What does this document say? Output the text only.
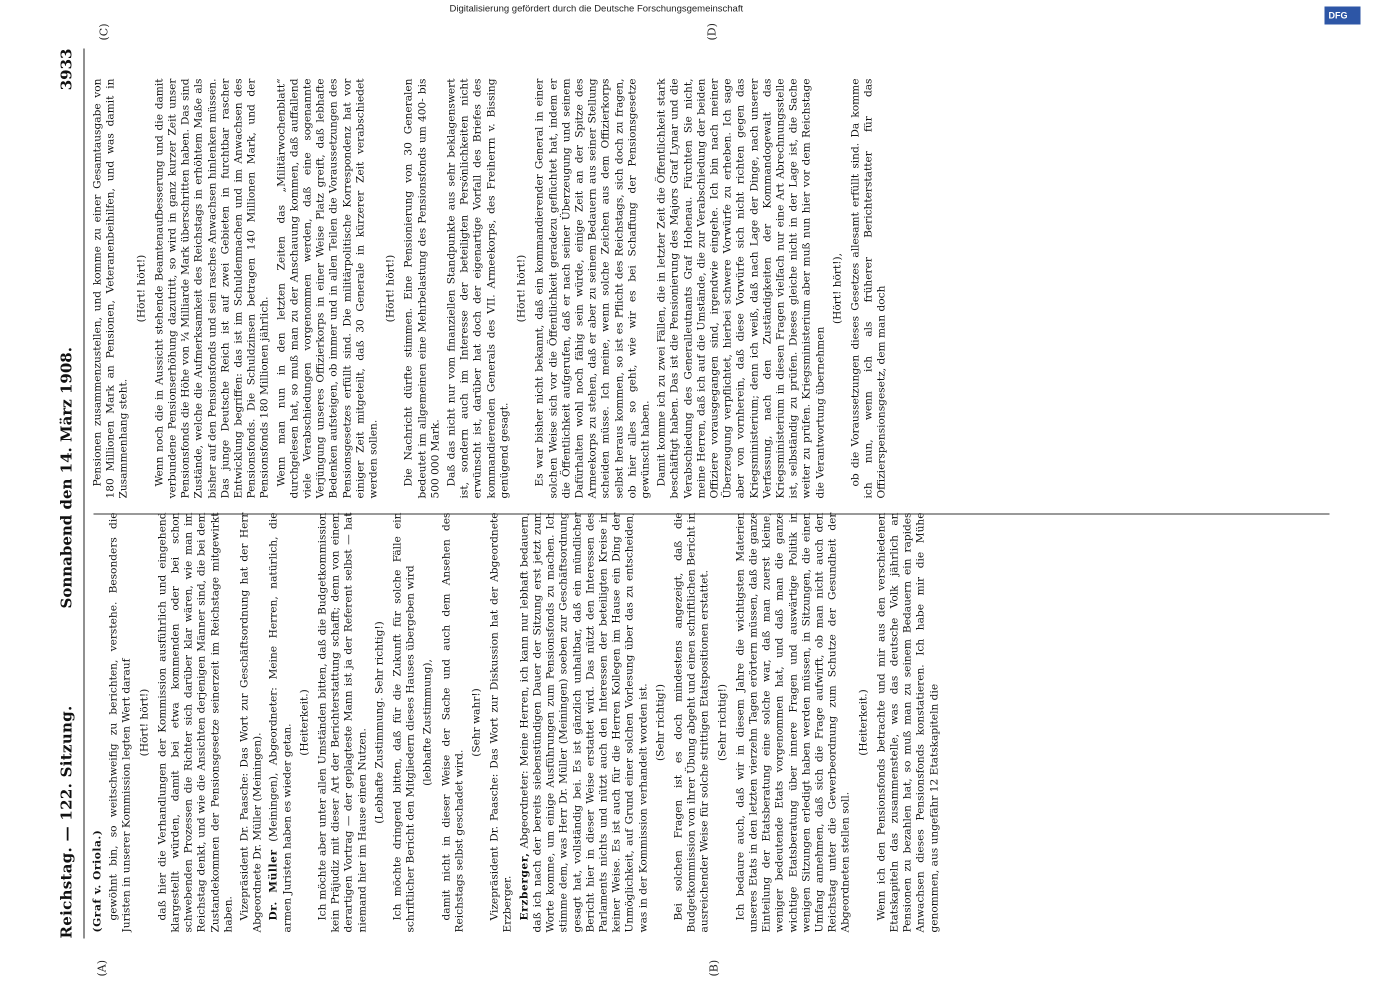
Reichstag. — 122. Sitzung.
Sonnabend den 14. März 1908.
3933
(A)	(B)
(C)	(D)

(Graf v. Oriola.) gewöhnt bin, so weitschweifig zu berichten, verstehe. Besonders die Juristen in unserer Kommission legten Wert darauf (Hört! hört!) daß hier die Verhandlungen der Kommission ausführlich und eingehend klargestellt würden, damit bei etwa kommenden oder bei schon schwebenden Prozessen die Richter sich darüber klar wären, wie man im Reichstag denkt, und wie die Ansichten derjenigen Männer sind, die bei dem Zustandekommen der Pensionsgesetze seinerzeit im Reichstage mitgewirkt haben. Vizepräsident Dr. Paasche: Das Wort zur Geschäftsordnung hat der Herr Abgeordnete Dr. Müller (Meiningen). Dr. Müller (Meiningen), Abgeordneter: Meine Herren, natürlich, die armen Juristen haben es wieder getan.

(Heiterkeit.) Ich möchte aber unter allen Umständen bitten, daß die Budgetkommission kein Präjudiz mit dieser Art der Berichterstattung schafft; denn von einem derartigen Vortrag — der geplagteste Mann ist ja der Referent selbst — hat niemand hier im Hause einen Nutzen.

(Lebhafte Zustimmung. Sehr richtig!) Ich möchte dringend bitten, daß für die Zukunft für solche Fälle ein schriftlicher Bericht den Mitgliedern dieses Hauses übergeben wird (lebhafte Zustimmung), damit nicht in dieser Weise der Sache und auch dem Ansehen des Reichstags selbst geschadet wird.

(Sehr wahr!) Vizepräsident Dr. Paasche: Das Wort zur Diskussion hat der Abgeordnete Erzberger. Erzberger, Abgeordneter: Meine Herren, ich kann nur lebhaft bedauern, daß ich nach der bereits siebenstündigen Dauer der Sitzung erst jetzt zum Worte komme, um einige Ausführungen zum Pensionsfonds zu machen. Ich stimme dem, was Herr Dr. Müller (Meiningen) soeben zur Geschäftsordnung gesagt hat, vollständig bei. Es ist gänzlich unhaltbar, daß ein mündlicher Bericht hier in dieser Weise erstattet wird. Das nützt den Interessen des Parlaments nichts und nützt auch den Interessen der beteiligten Kreise in keiner Weise. Es ist auch für die Herren Kollegen im Hause ein Ding der Unmöglichkeit, auf Grund einer solchen Vorlesung über das zu entscheiden, was in der Kommission verhandelt worden ist. (Sehr richtig!) Bei solchen Fragen ist es doch mindestens angezeigt, daß die Budgetkommission von ihrer Übung abgeht und einen schriftlichen Bericht in ausreichender Weise für solche strittigen Etatspositionen erstattet. (Sehr richtig!) Ich bedaure auch, daß wir in diesem Jahre die wichtigsten Materien unseres Etats in den letzten vierzehn Tagen erörtern müssen, daß die ganze Einteilung der Etatsberatung eine solche war, daß man zuerst kleine, weniger bedeutende Etats vorgenommen hat, und daß man die ganze wichtige Etatsberatung über innere Fragen und auswärtige Politik in wenigen Sitzungen erledigt haben werden müssen, in Sitzungen, die einen Umfang annehmen, daß sich die Frage aufwirft, ob man nicht auch den Reichstag unter die Gewerbeordnung zum Schutze der Gesundheit der Abgeordneten stellen soll.

(Heiterkeit.) Wenn ich den Pensionsfonds betrachte und mir aus den verschiedenen Etatskapiteln das zusammenstelle, was das deutsche Volk jährlich an Pensionen zu bezahlen hat, so muß man zu seinem Bedauern ein rapides Anwachsen dieses Pensionsfonds konstatieren. Ich habe mir die Mühe genommen, aus ungefähr 12 Etatskapiteln die

Pensionen zusammenzustellen, und komme zu einer Gesamtausgabe von 180 Millionen Mark an Pensionen, Veteranenbeihilfen, und was damit in Zusammenhang steht.

(Hört! hört!) Wenn noch die in Aussicht stehende Beamtenaufbesserung und die damit verbundene Pensionserhöhung dazutritt, so wird in ganz kurzer Zeit unser Pensionsfonds die Höhe von ¼ Milliarde Mark überschritten haben. Das sind Zustände, welche die Aufmerksamkeit des Reichstags in erhöhtem Maße als bisher auf den Pensionsfonds und sein rasches Anwachsen hinlenken müssen. Das junge Deutsche Reich ist auf zwei Gebieten in furchtbar rascher Entwicklung begriffen: das ist im Schuldenmachen und im Anwachsen des Pensionsfonds. Die Schuldzinsen betragen 140 Millionen Mark, und der Pensionsfonds 180 Millionen jährlich. Wenn man nun in den letzten Zeiten das „Militärwochenblatt“ durchgelesen hat, so muß man zu der Anschauung kommen, daß auffallend viele Verabschiedungen vorgenommen werden, daß eine sogenannte Verjüngung unseres Offizierkorps in einer Weise Platz greift, daß lebhafte Bedenken aufsteigen, ob immer und in allen Teilen die Voraussetzungen des Pensionsgesetzes erfüllt sind. Die militärpolitische Korrespondenz hat vor einiger Zeit mitgeteilt, daß 30 Generale in kürzerer Zeit verabschiedet werden sollen.

(Hört! hört!) Die Nachricht dürfte stimmen. Eine Pensionierung von 30 Generalen bedeutet im allgemeinen eine Mehrbelastung des Pensionsfonds um 400- bis 500 000 Mark. Daß das nicht nur vom finanziellen Standpunkte aus sehr beklagenswert ist, sondern auch im Interesse der beteiligten Persönlichkeiten nicht erwünscht ist, darüber hat doch der eigenartige Vorfall des Briefes des kommandierenden Generals des VII. Armeekorps, des Freiherrn v. Bissing genügend gesagt.

(Hört! hört!) Es war bisher nicht bekannt, daß ein kommandierender General in einer solchen Weise sich vor die Öffentlichkeit geradezu geflüchtet hat, indem er die Öffentlichkeit aufgerufen, daß er nach seiner Überzeugung und seinem Dafürhalten wohl noch fähig sein würde, einige Zeit an der Spitze des Armeekorps zu stehen, daß er aber zu seinem Bedauern aus seiner Stellung scheiden müsse. Ich meine, wenn solche Zeichen aus dem Offizierkorps selbst heraus kommen, so ist es Pflicht des Reichstags, sich doch zu fragen, ob hier alles so geht, wie wir es bei Schaffung der Pensionsgesetze gewünscht haben. Damit komme ich zu zwei Fällen, die in letzter Zeit die Öffentlichkeit stark beschäftigt haben. Das ist die Pensionierung des Majors Graf Lynar und die Verabschiedung des Generalleutnants Graf Hohenau. Fürchten Sie nicht, meine Herren, daß ich auf die Umstände, die zur Verabschiedung der beiden Offiziere vorausgegangen sind, irgendwie eingehe. Ich bin nach meiner Überzeugung verpflichtet, hierbei schwere Vorwürfe zu erheben. Ich sage aber von vornherein, daß diese Vorwürfe sich nicht richten gegen das Kriegsministerium; denn ich weiß, daß nach Lage der Dinge, nach unserer Verfassung, nach den Zuständigkeiten der Kommandogewalt das Kriegsministerium in diesen Fragen vielfach nur eine Art Abrechnungsstelle ist, selbständig zu prüfen. Dieses gleiche nicht in der Lage ist, die Sache weiter zu prüfen. Kriegsministerium aber muß nun hier vor dem Reichstage die Verantwortung übernehmen

(Hört! hört!), ob die Voraussetzungen dieses Gesetzes allesamt erfüllt sind. Da komme ich nun, wenn ich als früherer Berichterstatter für das Offizierspensionsgesetz, dem man doch

Digitalisierung gefördert durch die Deutsche Forschungsgemeinschaft
DFG
